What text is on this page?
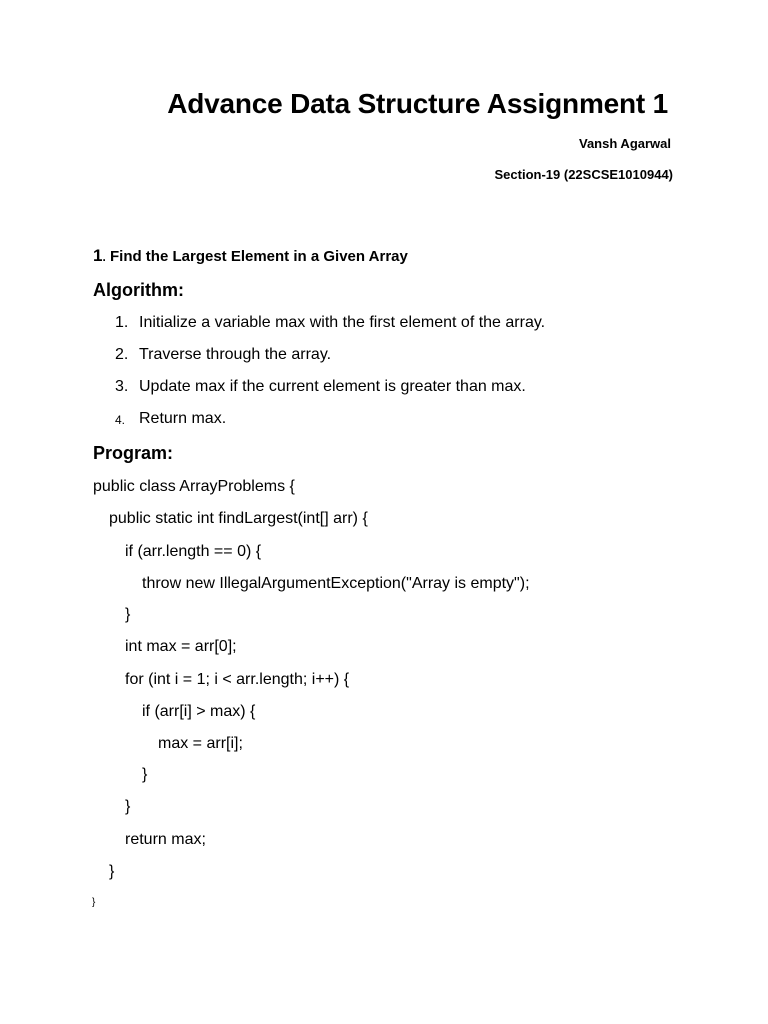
Advance Data Structure Assignment 1
Vansh Agarwal
Section-19 (22SCSE1010944)
1. Find the Largest Element in a Given Array
Algorithm:
1. Initialize a variable max with the first element of the array.
2. Traverse through the array.
3. Update max if the current element is greater than max.
4. Return max.
Program:
public class ArrayProblems {
public static int findLargest(int[] arr) {
if (arr.length == 0) {
throw new IllegalArgumentException("Array is empty");
}
int max = arr[0];
for (int i = 1; i < arr.length; i++) {
if (arr[i] > max) {
max = arr[i];
}
}
return max;
}
}
